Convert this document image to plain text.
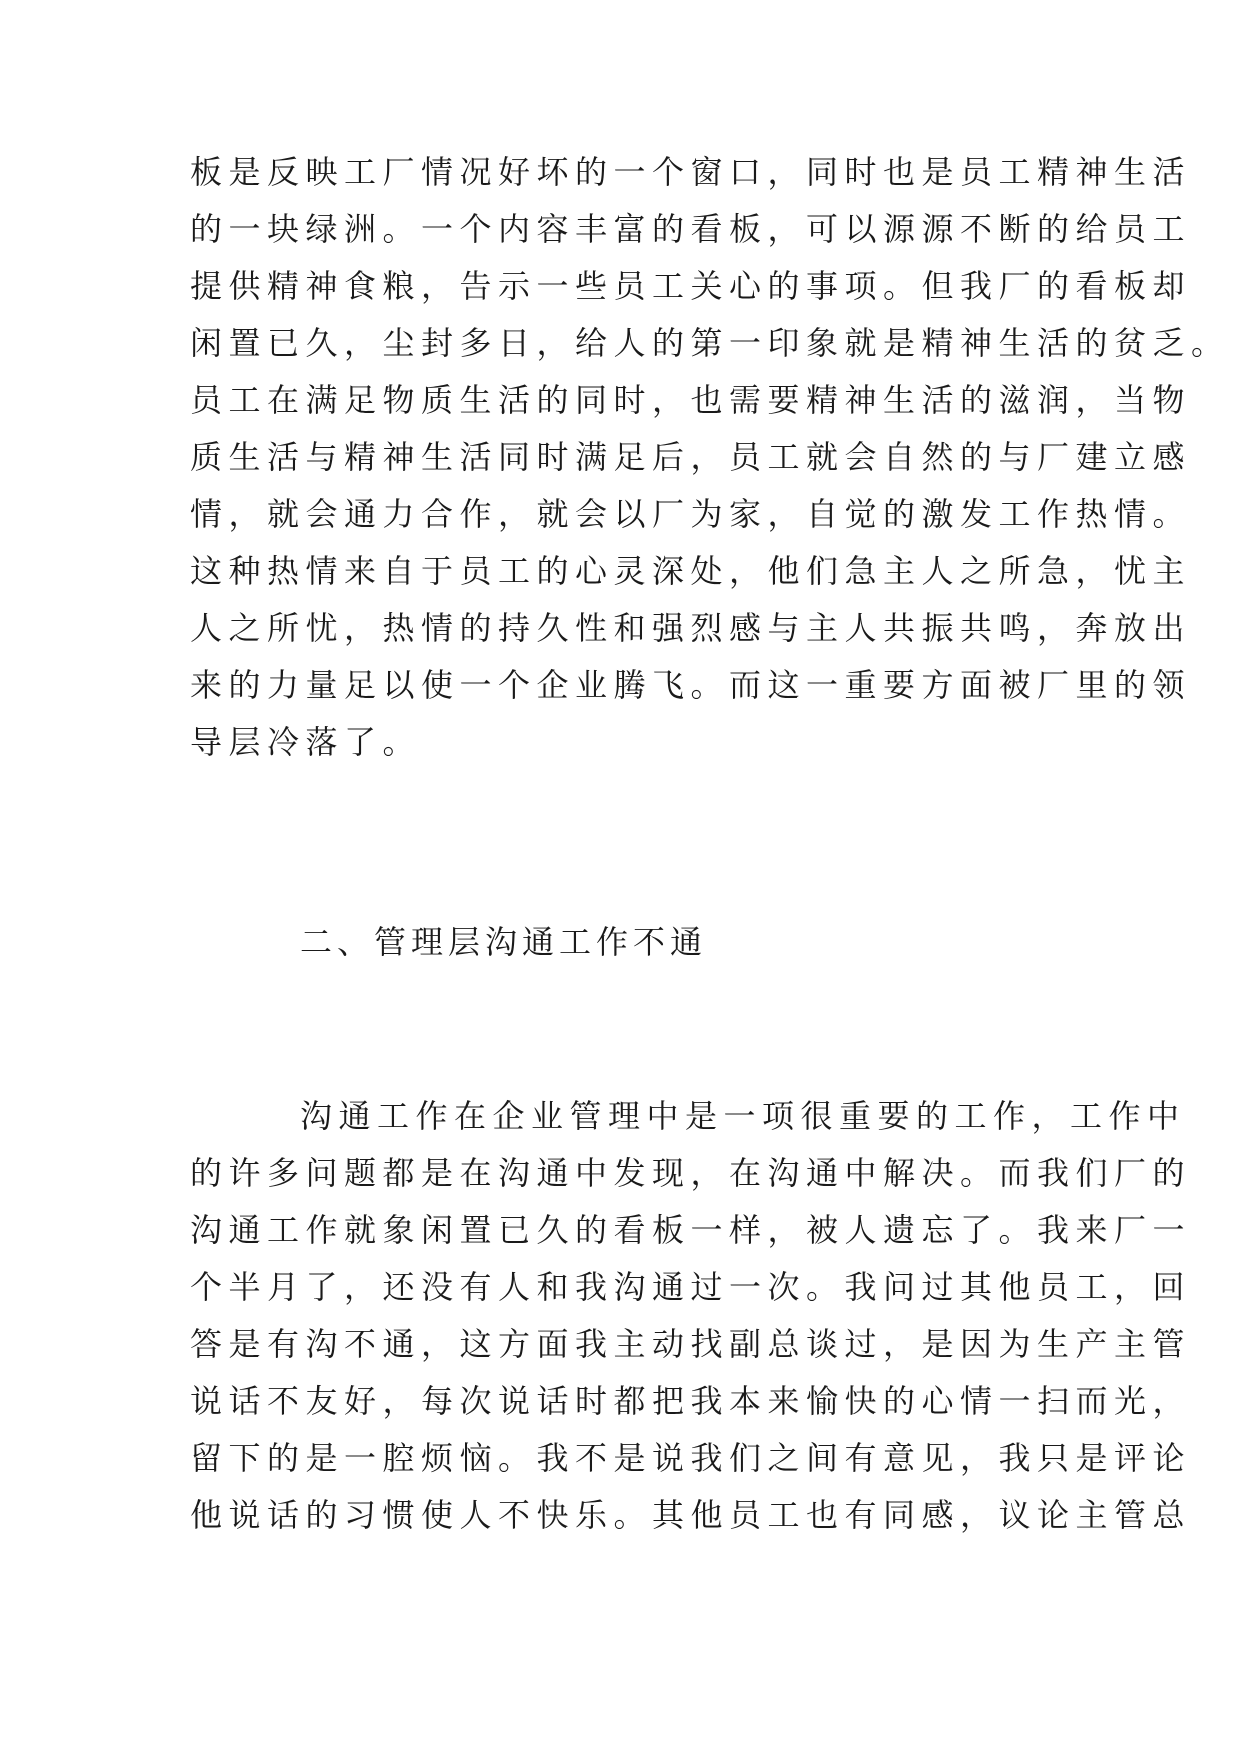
板是反映工厂情况好坏的一个窗口，同时也是员工精神生活
的一块绿洲。一个内容丰富的看板，可以源源不断的给员工
提供精神食粮，告示一些员工关心的事项。但我厂的看板却
闲置已久，尘封多日，给人的第一印象就是精神生活的贫乏。
员工在满足物质生活的同时，也需要精神生活的滋润，当物
质生活与精神生活同时满足后，员工就会自然的与厂建立感
情，就会通力合作，就会以厂为家，自觉的激发工作热情。
这种热情来自于员工的心灵深处，他们急主人之所急，忧主
人之所忧，热情的持久性和强烈感与主人共振共鸣，奔放出
来的力量足以使一个企业腾飞。而这一重要方面被厂里的领
导层冷落了。
二、管理层沟通工作不通
沟通工作在企业管理中是一项很重要的工作，工作中
的许多问题都是在沟通中发现，在沟通中解决。而我们厂的
沟通工作就象闲置已久的看板一样，被人遗忘了。我来厂一
个半月了，还没有人和我沟通过一次。我问过其他员工，回
答是有沟不通，这方面我主动找副总谈过，是因为生产主管
说话不友好，每次说话时都把我本来愉快的心情一扫而光，
留下的是一腔烦恼。我不是说我们之间有意见，我只是评论
他说话的习惯使人不快乐。其他员工也有同感，议论主管总
